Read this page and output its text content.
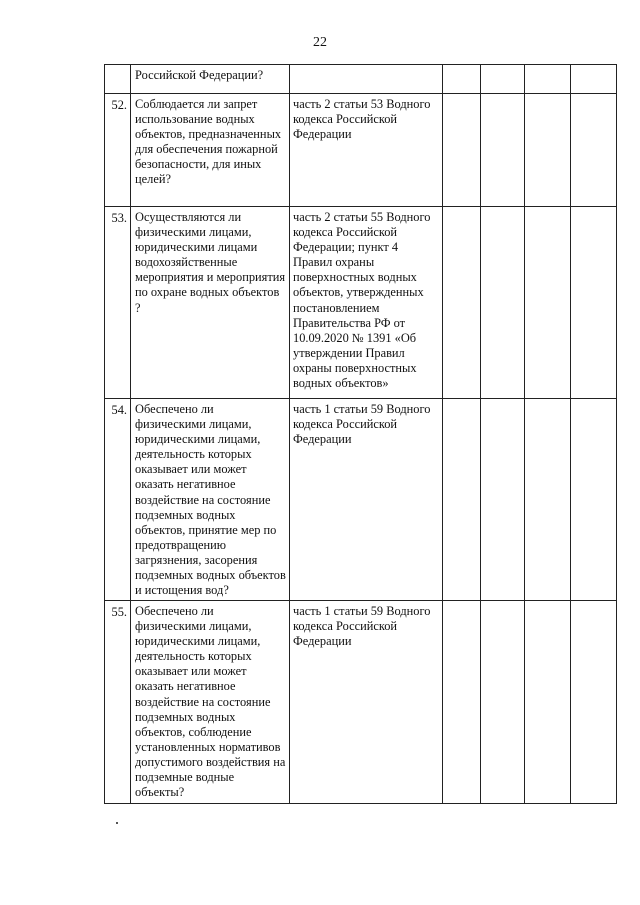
22
	Российской Федерации?					
52.	Соблюдается ли запрет использование водных объектов, предназначенных для обеспечения пожарной безопасности, для иных целей?	часть 2 статьи 53 Водного кодекса Российской Федерации				
53.	Осуществляются ли физическими лицами, юридическими лицами водохозяйственные мероприятия и мероприятия по охране водных объектов ?	часть 2 статьи 55 Водного кодекса Российской Федерации; пункт 4 Правил охраны поверхностных водных объектов, утвержденных постановлением Правительства РФ от 10.09.2020 № 1391 «Об утверждении Правил охраны поверхностных водных объектов»				
54.	Обеспечено ли физическими лицами, юридическими лицами, деятельность которых оказывает или может оказать негативное воздействие на состояние подземных водных объектов, принятие мер по предотвращению загрязнения, засорения подземных водных объектов и истощения вод?	часть 1 статьи 59 Водного кодекса Российской Федерации				
55.	Обеспечено ли физическими лицами, юридическими лицами, деятельность которых оказывает или может оказать негативное воздействие на состояние подземных водных объектов, соблюдение установленных нормативов допустимого воздействия на подземные водные объекты?	часть 1 статьи 59 Водного кодекса Российской Федерации				
